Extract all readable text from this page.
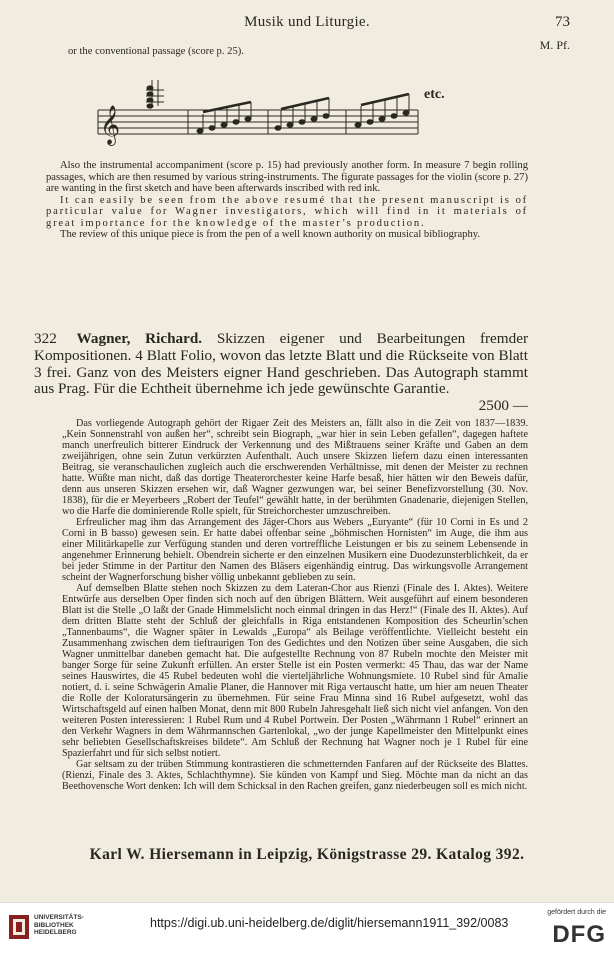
Musik und Liturgie.	73
M. Pf.
or the conventional passage (score p. 25).
𝄞
etc.

Also the instrumental accompaniment (score p. 15) had previously another form. In measure 7 begin rolling passages, which are then resumed by various string-instruments. The figurate passages for the violin (score p. 27) are wanting in the first sketch and have been afterwards inscribed with red ink.

It can easily be seen from the above resumé that the present manuscript is of particular value for Wagner investigators, which will find in it materials of great importance for the knowledge of the master’s production.

The review of this unique piece is from the pen of a well known authority on musical bibliography.

322 Wagner, Richard. Skizzen eigener und Bearbeitungen fremder Kompositionen. 4 Blatt Folio, wovon das letzte Blatt und die Rückseite von Blatt 3 frei. Ganz von des Meisters eigner Hand geschrieben. Das Autograph stammt aus Prag. Für die Echtheit übernehme ich jede gewünschte Garantie.
2500 —

Das vorliegende Autograph gehört der Rigaer Zeit des Meisters an, fällt also in die Zeit von 1837—1839. „Kein Sonnenstrahl von außen her“, schreibt sein Biograph, „war hier in sein Leben gefallen“, dagegen haftete manch unerfreulich bitterer Eindruck der Verkennung und des Mißtrauens seiner Kräfte und Gaben an dem zweijährigen, ohne sein Zutun verkürzten Aufenthalt. Auch unsere Skizzen liefern dazu einen interessanten Beitrag, sie veranschaulichen zugleich auch die erschwerenden Verhältnisse, mit denen der Meister zu rechnen hatte. Wüßte man nicht, daß das dortige Theaterorchester keine Harfe besaß, hier hätten wir den Beweis dafür, denn aus unseren Skizzen ersehen wir, daß Wagner gezwungen war, bei seiner Benefizvorstellung (30. Nov. 1838), für die er Meyerbeers „Robert der Teufel“ gewählt hatte, in der berühmten Gnadenarie, diejenigen Stellen, wo die Harfe die dominierende Rolle spielt, für Streichorchester umzuschreiben.

Erfreulicher mag ihm das Arrangement des Jäger-Chors aus Webers „Euryante“ (für 10 Corni in Es und 2 Corni in B basso) gewesen sein. Er hatte dabei offenbar seine „böhmischen Hornisten“ im Auge, die ihm aus einer Militärkapelle zur Verfügung standen und deren vortreffliche Leistungen er bis zu seinem Lebensende in angenehmer Erinnerung behielt. Obendrein sicherte er den einzelnen Musikern eine Duodezunsterblichkeit, da er bei jeder Stimme in der Partitur den Namen des Bläsers eigenhändig eintrug. Das wirkungsvolle Arrangement scheint der Wagnerforschung bisher völlig unbekannt geblieben zu sein.

Auf demselben Blatte stehen noch Skizzen zu dem Lateran-Chor aus Rienzi (Finale des I. Aktes). Weitere Entwürfe aus derselben Oper finden sich noch auf den übrigen Blättern. Weit ausgeführt auf einem besonderen Blatt ist die Stelle „O laßt der Gnade Himmelslicht noch einmal dringen in das Herz!“ (Finale des II. Aktes). Auf dem dritten Blatte steht der Schluß der gleichfalls in Riga entstandenen Komposition des Scheurlin’schen „Tannenbaums“, die Wagner später in Lewalds „Europa“ als Beilage veröffentlichte. Vielleicht besteht ein Zusammenhang zwischen dem tieftraurigen Ton des Gedichtes und den Notizen über seine Ausgaben, die sich Wagner unmittelbar daneben gemacht hat. Die aufgestellte Rechnung von 87 Rubeln mochte den Meister mit banger Sorge für seine Zukunft erfüllen. An erster Stelle ist ein Posten vermerkt: 45 Thau, das war der Name seines Hauswirtes, die 45 Rubel bedeuten wohl die vierteljährliche Wohnungsmiete. 10 Rubel sind für Amalie notiert, d. i. seine Schwägerin Amalie Planer, die Hannover mit Riga vertauscht hatte, um hier am neuen Theater die Rolle der Koloratursängerin zu übernehmen. Für seine Frau Minna sind 16 Rubel aufgesetzt, wohl das Wirtschaftsgeld auf einen halben Monat, denn mit 800 Rubeln Jahresgehalt ließ sich nicht viel anfangen. Von den weiteren Posten interessieren: 1 Rubel Rum und 4 Rubel Portwein. Der Posten „Währmann 1 Rubel“ erinnert an den Verkehr Wagners in dem Währmannschen Gartenlokal, „wo der junge Kapellmeister den Mittelpunkt eines sehr beliebten Gesellschaftskreises bildete“. Am Schluß der Rechnung hat Wagner noch je 1 Rubel für eine Spazierfahrt und für sich selbst notiert.

Gar seltsam zu der trüben Stimmung kontrastieren die schmetternden Fanfaren auf der Rückseite des Blattes. (Rienzi, Finale des 3. Aktes, Schlachthymne). Sie künden von Kampf und Sieg. Möchte man da nicht an das Beethovensche Wort denken: Ich will dem Schicksal in den Rachen greifen, ganz niederbeugen soll es mich nicht.

Karl W. Hiersemann in Leipzig, Königstrasse 29. Katalog 392.
UNIVERSITÄTS-
BIBLIOTHEK
HEIDELBERG
https://digi.ub.uni-heidelberg.de/diglit/hiersemann1911_392/0083
gefördert durch die
DFG
